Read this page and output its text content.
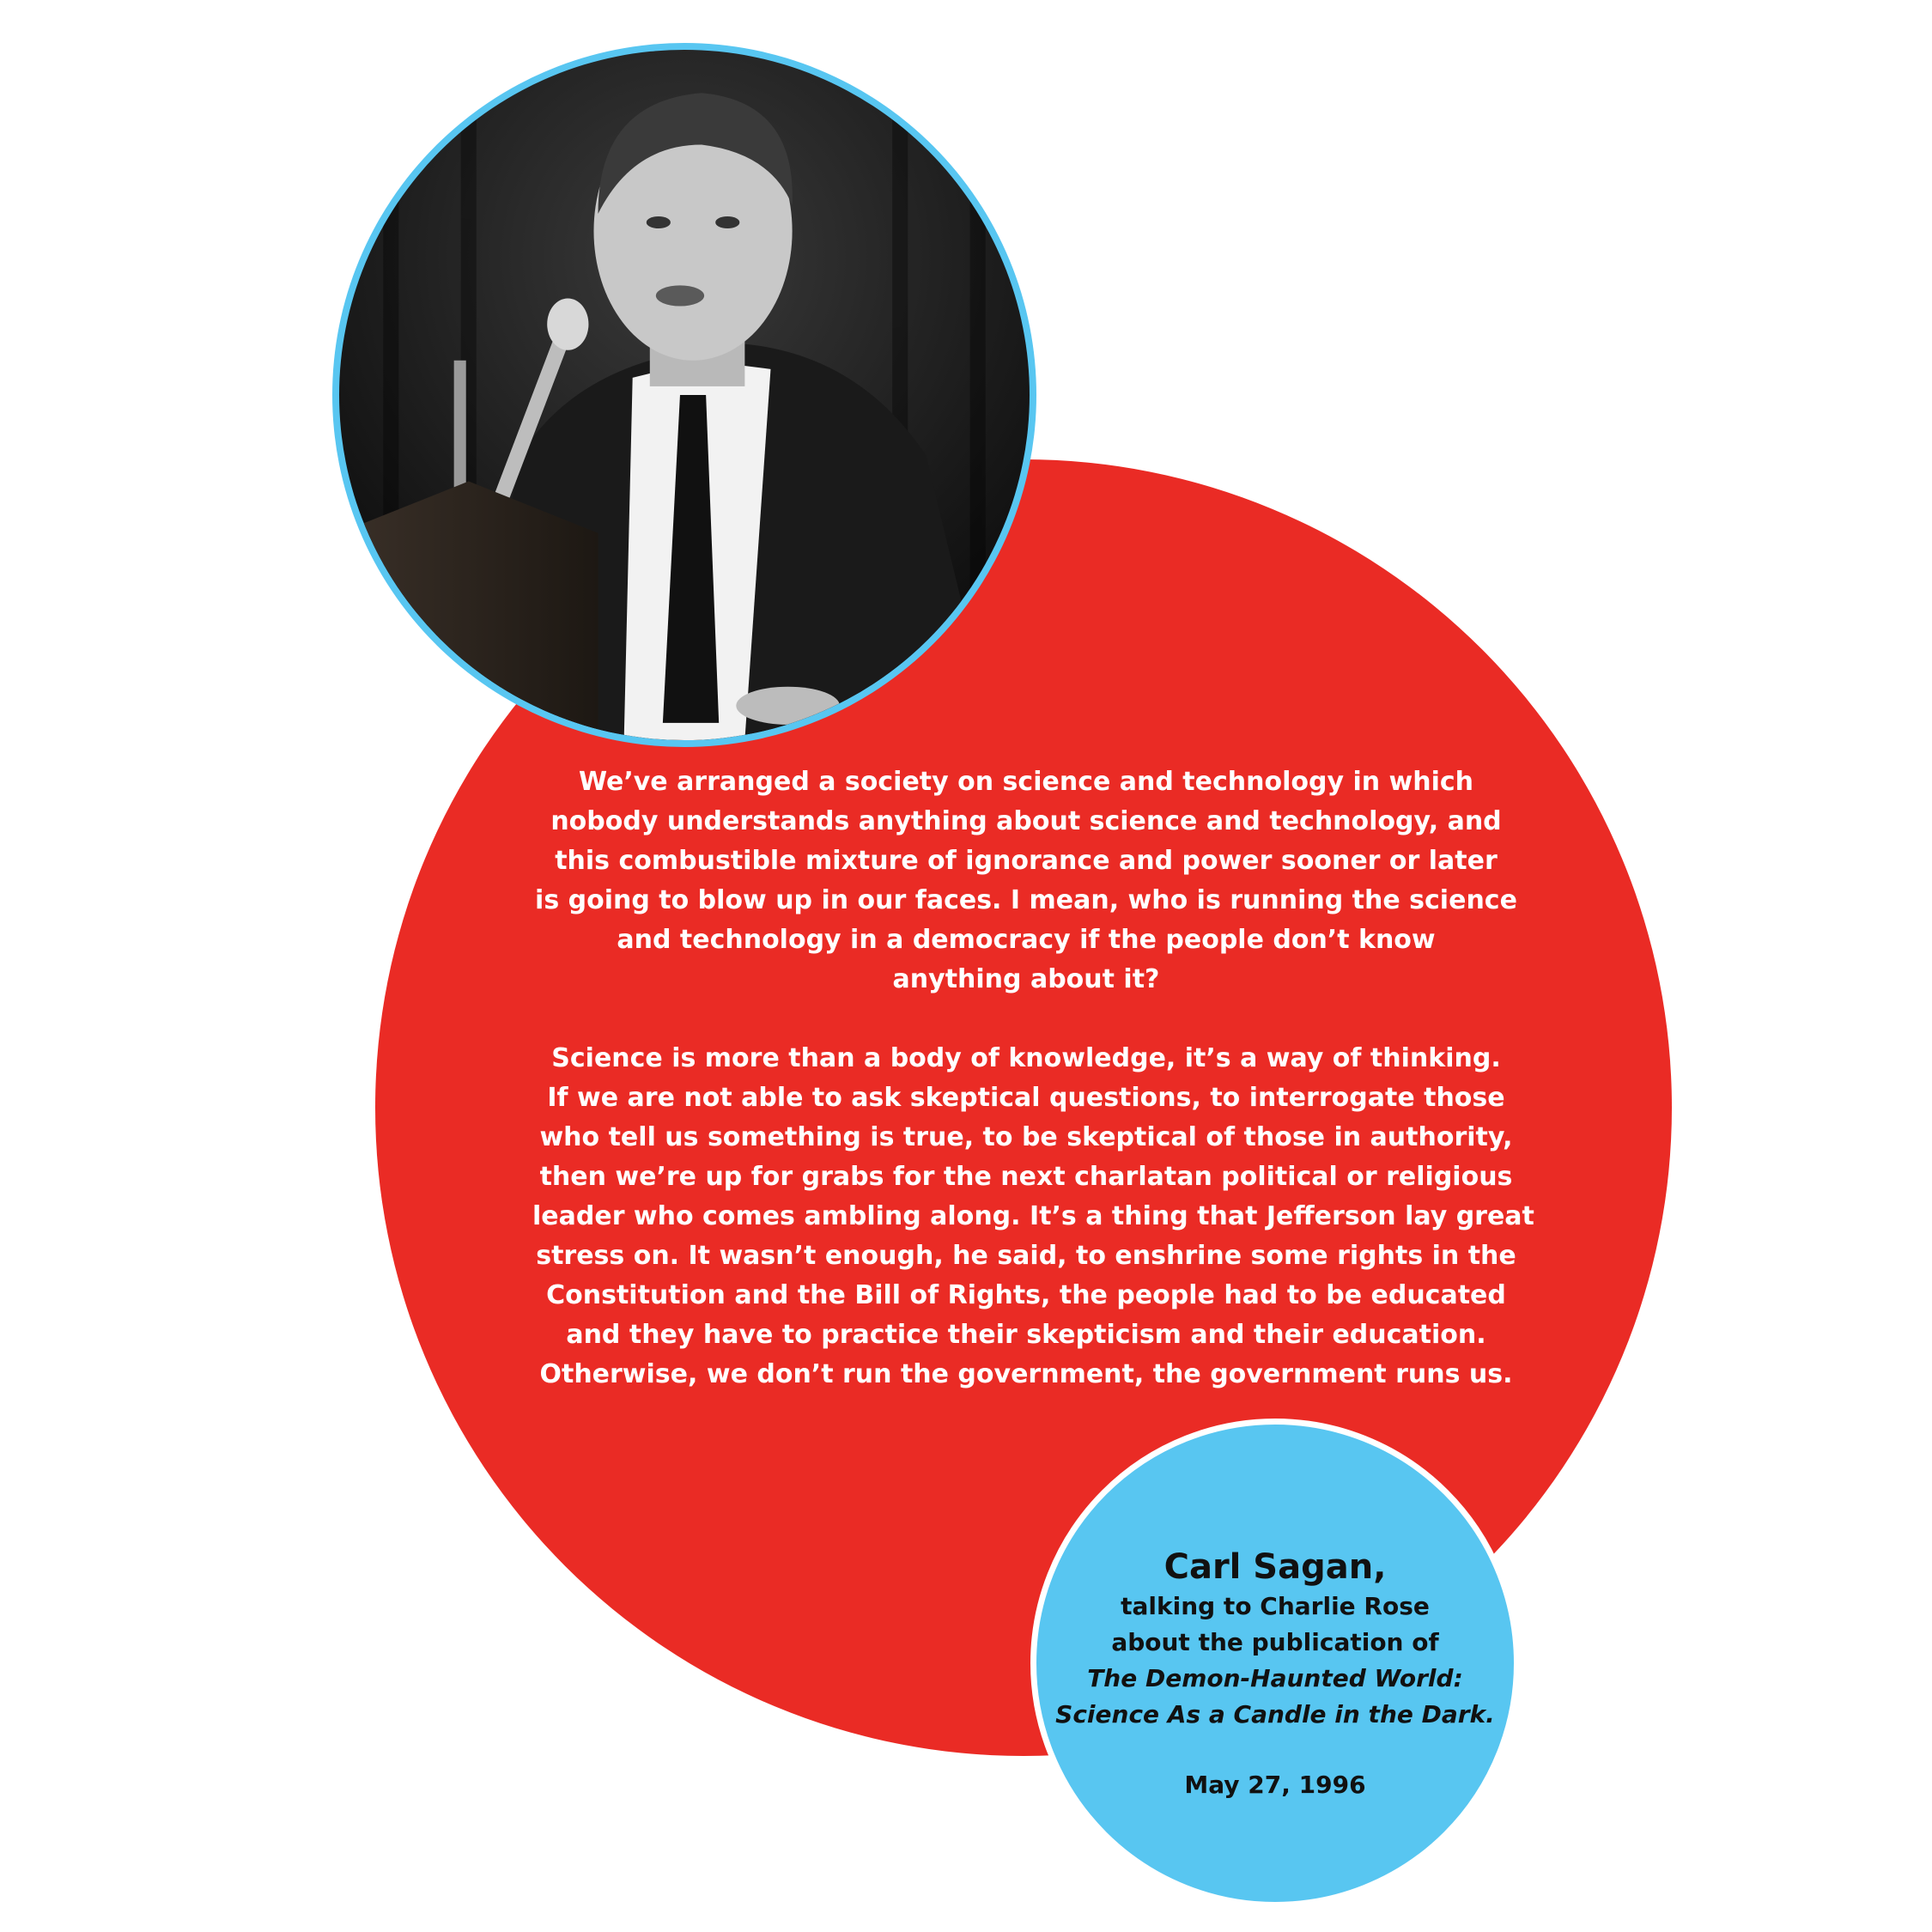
We’ve arranged a society on science and technology in which
nobody understands anything about science and technology, and
this combustible mixture of ignorance and power sooner or later
is going to blow up in our faces. I mean, who is running the science
and technology in a democracy if the people don’t know
anything about it?

Science is more than a body of knowledge, it’s a way of thinking.
If we are not able to ask skeptical questions, to interrogate those
who tell us something is true, to be skeptical of those in authority,
then we’re up for grabs for the next charlatan political or religious
leader who comes ambling along. It’s a thing that Jefferson lay great
stress on. It wasn’t enough, he said, to enshrine some rights in the
Constitution and the Bill of Rights, the people had to be educated
and they have to practice their skepticism and their education.
Otherwise, we don’t run the government, the government runs us.

Carl Sagan,
talking to Charlie Rose
about the publication of
The Demon-Haunted World:
Science As a Candle in the Dark.
May 27, 1996
